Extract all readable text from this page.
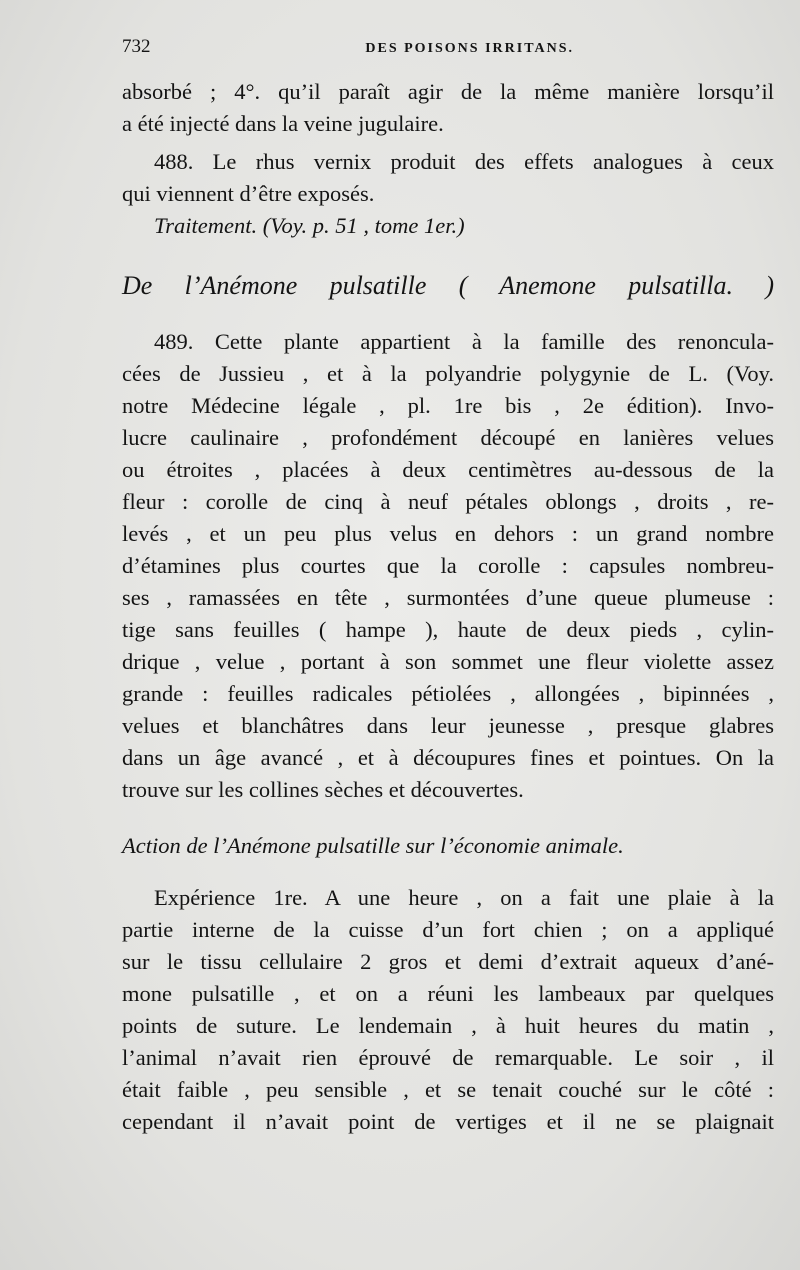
732	DES POISONS IRRITANS.
absorbé ; 4°. qu’il paraît agir de la même manière lorsqu’il
a été injecté dans la veine jugulaire.
488. Le rhus vernix produit des effets analogues à ceux
qui viennent d’être exposés.
Traitement. (Voy. p. 51 , tome 1er.)
De l’Anémone pulsatille ( Anemone pulsatilla. )
489. Cette plante appartient à la famille des renoncula-
cées de Jussieu , et à la polyandrie polygynie de L. (Voy.
notre Médecine légale , pl. 1re bis , 2e édition). Invo-
lucre caulinaire , profondément découpé en lanières velues
ou étroites , placées à deux centimètres au-dessous de la
fleur : corolle de cinq à neuf pétales oblongs , droits , re-
levés , et un peu plus velus en dehors : un grand nombre
d’étamines plus courtes que la corolle : capsules nombreu-
ses , ramassées en tête , surmontées d’une queue plumeuse :
tige sans feuilles ( hampe ), haute de deux pieds , cylin-
drique , velue , portant à son sommet une fleur violette assez
grande : feuilles radicales pétiolées , allongées , bipinnées ,
velues et blanchâtres dans leur jeunesse , presque glabres
dans un âge avancé , et à découpures fines et pointues. On la
trouve sur les collines sèches et découvertes.
Action de l’Anémone pulsatille sur l’économie animale.
Expérience 1re. A une heure , on a fait une plaie à la
partie interne de la cuisse d’un fort chien ; on a appliqué
sur le tissu cellulaire 2 gros et demi d’extrait aqueux d’ané-
mone pulsatille , et on a réuni les lambeaux par quelques
points de suture. Le lendemain , à huit heures du matin ,
l’animal n’avait rien éprouvé de remarquable. Le soir , il
était faible , peu sensible , et se tenait couché sur le côté :
cependant il n’avait point de vertiges et il ne se plaignait
